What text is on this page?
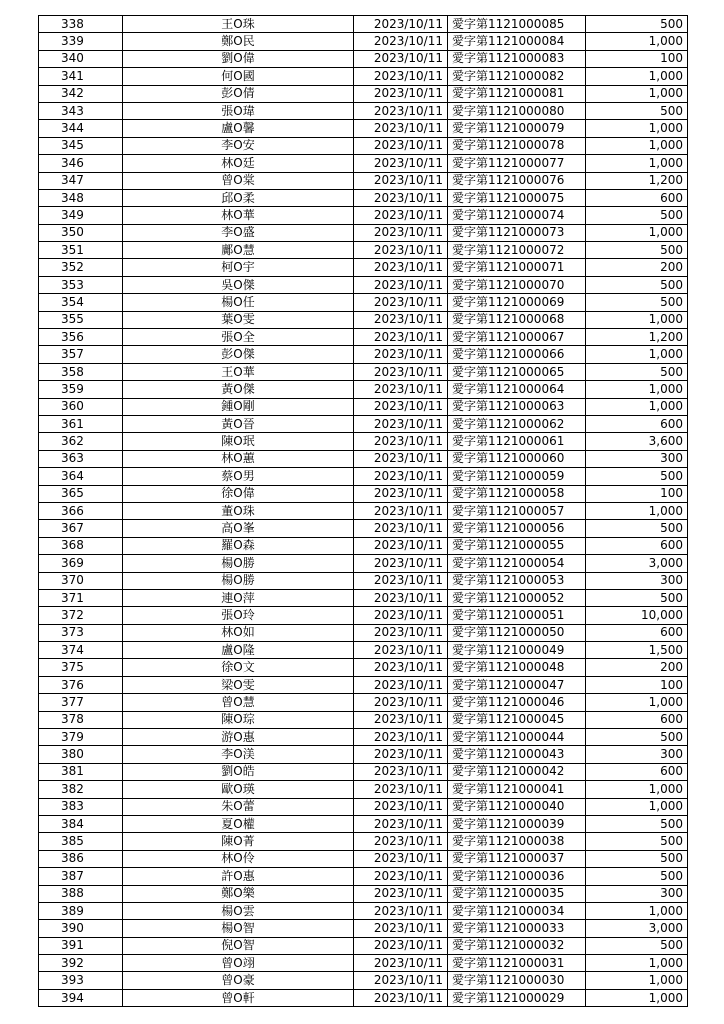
338	王O珠	2023/10/11	愛字第1121000085	500
339	鄭O民	2023/10/11	愛字第1121000084	1,000
340	劉O偉	2023/10/11	愛字第1121000083	100
341	何O國	2023/10/11	愛字第1121000082	1,000
342	彭O倩	2023/10/11	愛字第1121000081	1,000
343	張O瑋	2023/10/11	愛字第1121000080	500
344	盧O馨	2023/10/11	愛字第1121000079	1,000
345	李O安	2023/10/11	愛字第1121000078	1,000
346	林O廷	2023/10/11	愛字第1121000077	1,000
347	曾O棠	2023/10/11	愛字第1121000076	1,200
348	邱O柔	2023/10/11	愛字第1121000075	600
349	林O華	2023/10/11	愛字第1121000074	500
350	李O盛	2023/10/11	愛字第1121000073	1,000
351	鄺O慧	2023/10/11	愛字第1121000072	500
352	柯O宇	2023/10/11	愛字第1121000071	200
353	吳O傑	2023/10/11	愛字第1121000070	500
354	楊O任	2023/10/11	愛字第1121000069	500
355	葉O雯	2023/10/11	愛字第1121000068	1,000
356	張O全	2023/10/11	愛字第1121000067	1,200
357	彭O傑	2023/10/11	愛字第1121000066	1,000
358	王O華	2023/10/11	愛字第1121000065	500
359	黃O傑	2023/10/11	愛字第1121000064	1,000
360	鍾O剛	2023/10/11	愛字第1121000063	1,000
361	黃O晉	2023/10/11	愛字第1121000062	600
362	陳O珉	2023/10/11	愛字第1121000061	3,600
363	林O蕙	2023/10/11	愛字第1121000060	300
364	蔡O男	2023/10/11	愛字第1121000059	500
365	徐O偉	2023/10/11	愛字第1121000058	100
366	董O珠	2023/10/11	愛字第1121000057	1,000
367	高O峯	2023/10/11	愛字第1121000056	500
368	羅O森	2023/10/11	愛字第1121000055	600
369	楊O勝	2023/10/11	愛字第1121000054	3,000
370	楊O勝	2023/10/11	愛字第1121000053	300
371	連O萍	2023/10/11	愛字第1121000052	500
372	張O玲	2023/10/11	愛字第1121000051	10,000
373	林O如	2023/10/11	愛字第1121000050	600
374	盧O隆	2023/10/11	愛字第1121000049	1,500
375	徐O文	2023/10/11	愛字第1121000048	200
376	梁O雯	2023/10/11	愛字第1121000047	100
377	曾O慧	2023/10/11	愛字第1121000046	1,000
378	陳O琮	2023/10/11	愛字第1121000045	600
379	游O惠	2023/10/11	愛字第1121000044	500
380	李O渼	2023/10/11	愛字第1121000043	300
381	劉O皓	2023/10/11	愛字第1121000042	600
382	歐O瑛	2023/10/11	愛字第1121000041	1,000
383	朱O蕾	2023/10/11	愛字第1121000040	1,000
384	夏O權	2023/10/11	愛字第1121000039	500
385	陳O菁	2023/10/11	愛字第1121000038	500
386	林O伶	2023/10/11	愛字第1121000037	500
387	許O惠	2023/10/11	愛字第1121000036	500
388	鄭O樂	2023/10/11	愛字第1121000035	300
389	楊O雲	2023/10/11	愛字第1121000034	1,000
390	楊O智	2023/10/11	愛字第1121000033	3,000
391	倪O智	2023/10/11	愛字第1121000032	500
392	曾O翊	2023/10/11	愛字第1121000031	1,000
393	曾O豪	2023/10/11	愛字第1121000030	1,000
394	曾O軒	2023/10/11	愛字第1121000029	1,000
